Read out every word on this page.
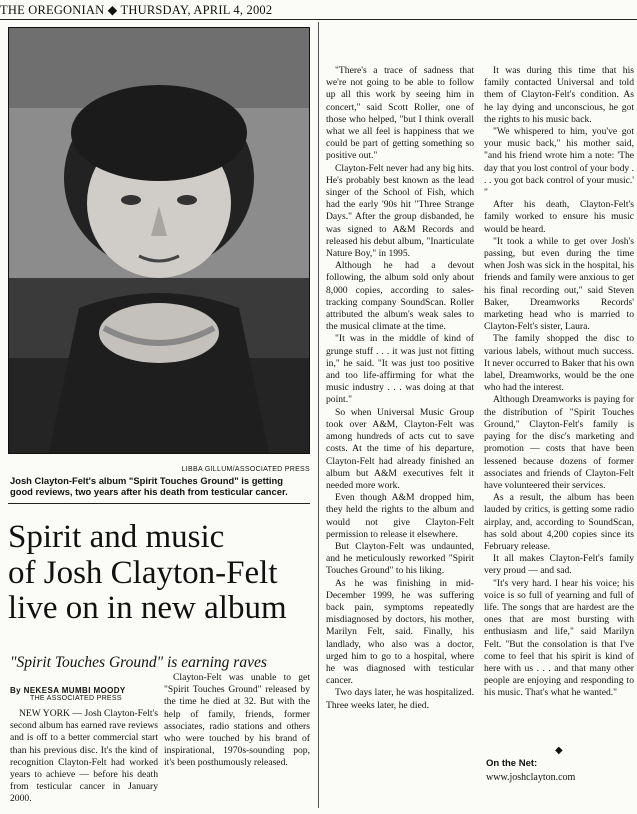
THE OREGONIAN ◆ THURSDAY, APRIL 4, 2002
LIBBA GILLUM/ASSOCIATED PRESS
Josh Clayton-Felt's album "Spirit Touches Ground" is getting good reviews, two years after his death from testicular cancer.
Spirit and music
of Josh Clayton-Felt
live on in new album
"Spirit Touches Ground" is earning raves
By NEKESA MUMBI MOODY
THE ASSOCIATED PRESS

NEW YORK — Josh Clayton-Felt's second album has earned rave reviews and is off to a better commercial start than his previous disc. It's the kind of recognition Clayton-Felt had worked years to achieve — before his death from testicular cancer in January 2000.

Clayton-Felt was unable to get "Spirit Touches Ground" released by the time he died at 32. But with the help of family, friends, former associates, radio stations and others who were touched by his brand of inspirational, 1970s-sounding pop, it's been posthumously released.

"There's a trace of sadness that we're not going to be able to follow up all this work by seeing him in concert," said Scott Roller, one of those who helped, "but I think overall what we all feel is happiness that we could be part of getting something so positive out."

Clayton-Felt never had any big hits. He's probably best known as the lead singer of the School of Fish, which had the early '90s hit "Three Strange Days." After the group disbanded, he was signed to A&M Records and released his debut album, "Inarticulate Nature Boy," in 1995.

Although he had a devout following, the album sold only about 8,000 copies, according to sales-tracking company SoundScan. Roller attributed the album's weak sales to the musical climate at the time.

"It was in the middle of kind of grunge stuff . . . it was just not fitting in," he said. "It was just too positive and too life-affirming for what the music industry . . . was doing at that point."

So when Universal Music Group took over A&M, Clayton-Felt was among hundreds of acts cut to save costs. At the time of his departure, Clayton-Felt had already finished an album but A&M executives felt it needed more work.

Even though A&M dropped him, they held the rights to the album and would not give Clayton-Felt permission to release it elsewhere.

But Clayton-Felt was undaunted, and he meticulously reworked "Spirit Touches Ground" to his liking.

As he was finishing in mid-December 1999, he was suffering back pain, symptoms repeatedly misdiagnosed by doctors, his mother, Marilyn Felt, said. Finally, his landlady, who also was a doctor, urged him to go to a hospital, where he was diagnosed with testicular cancer.

Two days later, he was hospitalized. Three weeks later, he died.

It was during this time that his family contacted Universal and told them of Clayton-Felt's condition. As he lay dying and unconscious, he got the rights to his music back.

"We whispered to him, you've got your music back," his mother said, "and his friend wrote him a note: 'The day that you lost control of your body . . . you got back control of your music.' "

After his death, Clayton-Felt's family worked to ensure his music would be heard.

"It took a while to get over Josh's passing, but even during the time when Josh was sick in the hospital, his friends and family were anxious to get his final recording out," said Steven Baker, Dreamworks Records' marketing head who is married to Clayton-Felt's sister, Laura.

The family shopped the disc to various labels, without much success. It never occurred to Baker that his own label, Dreamworks, would be the one who had the interest.

Although Dreamworks is paying for the distribution of "Spirit Touches Ground," Clayton-Felt's family is paying for the disc's marketing and promotion — costs that have been lessened because dozens of former associates and friends of Clayton-Felt have volunteered their services.

As a result, the album has been lauded by critics, is getting some radio airplay, and, according to SoundScan, has sold about 4,200 copies since its February release.

It all makes Clayton-Felt's family very proud — and sad.

"It's very hard. I hear his voice; his voice is so full of yearning and full of life. The songs that are hardest are the ones that are most bursting with enthusiasm and life," said Marilyn Felt. "But the consolation is that I've come to feel that his spirit is kind of here with us . . . and that many other people are enjoying and responding to his music. That's what he wanted."

◆
On the Net:
www.joshclayton.com
